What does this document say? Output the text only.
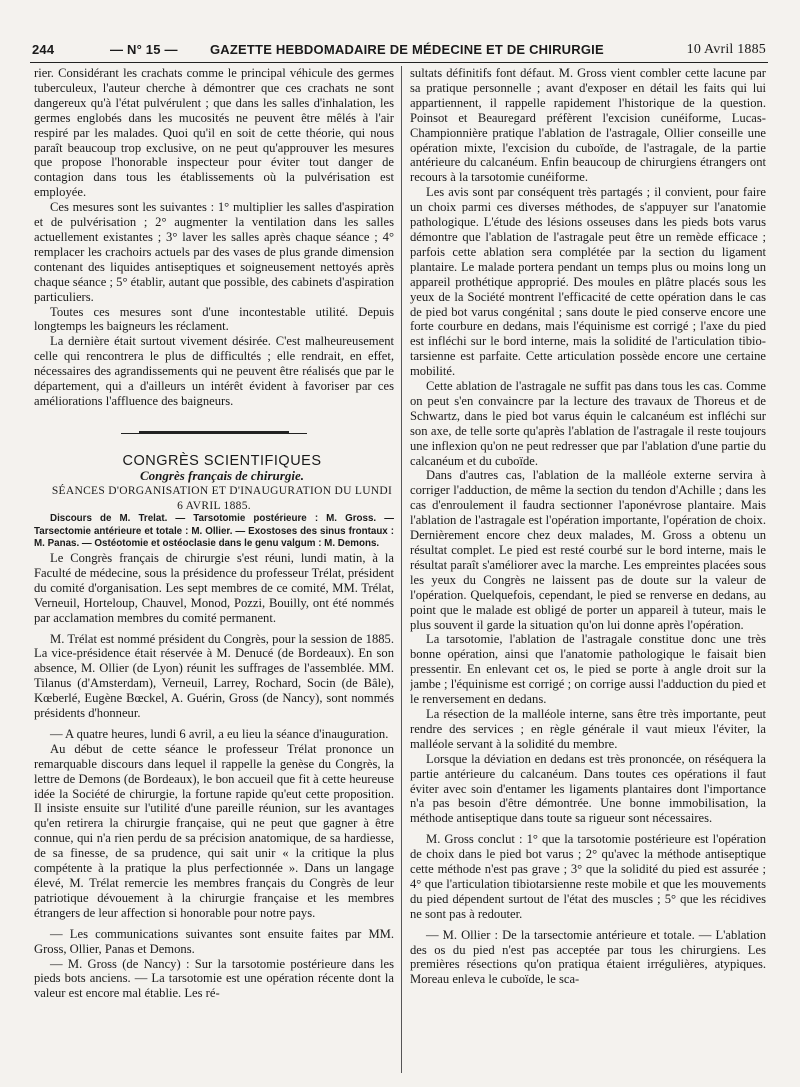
244	— N° 15 — GAZETTE HEBDOMADAIRE DE MÉDECINE ET DE CHIRURGIE	10 Avril 1885

rier. Considérant les crachats comme le principal véhicule des germes tuberculeux, l'auteur cherche à démontrer que ces crachats ne sont dangereux qu'à l'état pulvérulent ; que dans les salles d'inhalation, les germes englobés dans les mucosités ne peuvent être mêlés à l'air respiré par les malades. Quoi qu'il en soit de cette théorie, qui nous paraît beaucoup trop exclusive, on ne peut qu'approuver les mesures que propose l'honorable inspecteur pour éviter tout danger de contagion dans tous les établissements où la pulvérisation est employée.

Ces mesures sont les suivantes : 1° multiplier les salles d'aspiration et de pulvérisation ; 2° augmenter la ventilation dans les salles actuellement existantes ; 3° laver les salles après chaque séance ; 4° remplacer les crachoirs actuels par des vases de plus grande dimension contenant des liquides antiseptiques et soigneusement nettoyés après chaque séance ; 5° établir, autant que possible, des cabinets d'aspiration particuliers.

Toutes ces mesures sont d'une incontestable utilité. Depuis longtemps les baigneurs les réclament.

La dernière était surtout vivement désirée. C'est malheureusement celle qui rencontrera le plus de difficultés ; elle rendrait, en effet, nécessaires des agrandissements qui ne peuvent être réalisés que par le département, qui a d'ailleurs un intérêt évident à favoriser par ces améliorations l'affluence des baigneurs.

CONGRÈS SCIENTIFIQUES

Congrès français de chirurgie.

SÉANCES D'ORGANISATION ET D'INAUGURATION DU LUNDI 6 AVRIL 1885.

Discours de M. Trelat. — Tarsotomie postérieure : M. Gross. — Tarsectomie antérieure et totale : M. Ollier. — Exostoses des sinus frontaux : M. Panas. — Ostéotomie et ostéoclasie dans le genu valgum : M. Demons.

Le Congrès français de chirurgie s'est réuni, lundi matin, à la Faculté de médecine, sous la présidence du professeur Trélat, président du comité d'organisation. Les sept membres de ce comité, MM. Trélat, Verneuil, Horteloup, Chauvel, Monod, Pozzi, Bouilly, ont été nommés par acclamation membres du comité permanent.

M. Trélat est nommé président du Congrès, pour la session de 1885. La vice-présidence était réservée à M. Denucé (de Bordeaux). En son absence, M. Ollier (de Lyon) réunit les suffrages de l'assemblée. MM. Tilanus (d'Amsterdam), Verneuil, Larrey, Rochard, Socin (de Bâle), Kœberlé, Eugène Bœckel, A. Guérin, Gross (de Nancy), sont nommés présidents d'honneur.

— A quatre heures, lundi 6 avril, a eu lieu la séance d'inauguration.

Au début de cette séance le professeur Trélat prononce un remarquable discours dans lequel il rappelle la genèse du Congrès, la lettre de Demons (de Bordeaux), le bon accueil que fit à cette heureuse idée la Société de chirurgie, la fortune rapide qu'eut cette proposition. Il insiste ensuite sur l'utilité d'une pareille réunion, sur les avantages qu'en retirera la chirurgie française, qui ne peut que gagner à être connue, qui n'a rien perdu de sa précision anatomique, de sa hardiesse, de sa finesse, de sa prudence, qui sait unir « la critique la plus compétente à la pratique la plus perfectionnée ». Dans un langage élevé, M. Trélat remercie les membres français du Congrès de leur patriotique dévouement à la chirurgie française et les membres étrangers de leur affection si honorable pour notre pays.

— Les communications suivantes sont ensuite faites par MM. Gross, Ollier, Panas et Demons.

— M. Gross (de Nancy) : Sur la tarsotomie postérieure dans les pieds bots anciens. — La tarsotomie est une opération récente dont la valeur est encore mal établie. Les ré-

sultats définitifs font défaut. M. Gross vient combler cette lacune par sa pratique personnelle ; avant d'exposer en détail les faits qui lui appartiennent, il rappelle rapidement l'historique de la question. Poinsot et Beauregard préfèrent l'excision cunéiforme, Lucas-Championnière pratique l'ablation de l'astragale, Ollier conseille une opération mixte, l'excision du cuboïde, de l'astragale, de la partie antérieure du calcanéum. Enfin beaucoup de chirurgiens étrangers ont recours à la tarsotomie cunéiforme.

Les avis sont par conséquent très partagés ; il convient, pour faire un choix parmi ces diverses méthodes, de s'appuyer sur l'anatomie pathologique. L'étude des lésions osseuses dans les pieds bots varus démontre que l'ablation de l'astragale peut être un remède efficace ; parfois cette ablation sera complétée par la section du ligament plantaire. Le malade portera pendant un temps plus ou moins long un appareil prothétique approprié. Des moules en plâtre placés sous les yeux de la Société montrent l'efficacité de cette opération dans le cas de pied bot varus congénital ; sans doute le pied conserve encore une forte courbure en dedans, mais l'équinisme est corrigé ; l'axe du pied est infléchi sur le bord interne, mais la solidité de l'articulation tibio-tarsienne est parfaite. Cette articulation possède encore une certaine mobilité.

Cette ablation de l'astragale ne suffit pas dans tous les cas. Comme on peut s'en convaincre par la lecture des travaux de Thoreus et de Schwartz, dans le pied bot varus équin le calcanéum est infléchi sur son axe, de telle sorte qu'après l'ablation de l'astragale il reste toujours une inflexion qu'on ne peut redresser que par l'ablation d'une partie du calcanéum et du cuboïde.

Dans d'autres cas, l'ablation de la malléole externe servira à corriger l'adduction, de même la section du tendon d'Achille ; dans les cas d'enroulement il faudra sectionner l'aponévrose plantaire. Mais l'ablation de l'astragale est l'opération importante, l'opération de choix. Dernièrement encore chez deux malades, M. Gross a obtenu un résultat complet. Le pied est resté courbé sur le bord interne, mais le résultat paraît s'améliorer avec la marche. Les empreintes placées sous les yeux du Congrès ne laissent pas de doute sur la valeur de l'opération. Quelquefois, cependant, le pied se renverse en dedans, au point que le malade est obligé de porter un appareil à tuteur, mais le plus souvent il garde la situation qu'on lui donne après l'opération.

La tarsotomie, l'ablation de l'astragale constitue donc une très bonne opération, ainsi que l'anatomie pathologique le faisait bien pressentir. En enlevant cet os, le pied se porte à angle droit sur la jambe ; l'équinisme est corrigé ; on corrige aussi l'adduction du pied et le renversement en dedans.

La résection de la malléole interne, sans être très importante, peut rendre des services ; en règle générale il vaut mieux l'éviter, la malléole servant à la solidité du membre.

Lorsque la déviation en dedans est très prononcée, on réséquera la partie antérieure du calcanéum. Dans toutes ces opérations il faut éviter avec soin d'entamer les ligaments plantaires dont l'importance n'a pas besoin d'être démontrée. Une bonne immobilisation, la méthode antiseptique dans toute sa rigueur sont nécessaires.

M. Gross conclut : 1° que la tarsotomie postérieure est l'opération de choix dans le pied bot varus ; 2° qu'avec la méthode antiseptique cette méthode n'est pas grave ; 3° que la solidité du pied est assurée ; 4° que l'articulation tibiotarsienne reste mobile et que les mouvements du pied dépendent surtout de l'état des muscles ; 5° que les récidives ne sont pas à redouter.

— M. Ollier : De la tarsectomie antérieure et totale. — L'ablation des os du pied n'est pas acceptée par tous les chirurgiens. Les premières résections qu'on pratiqua étaient irrégulières, atypiques. Moreau enleva le cuboïde, le sca-
